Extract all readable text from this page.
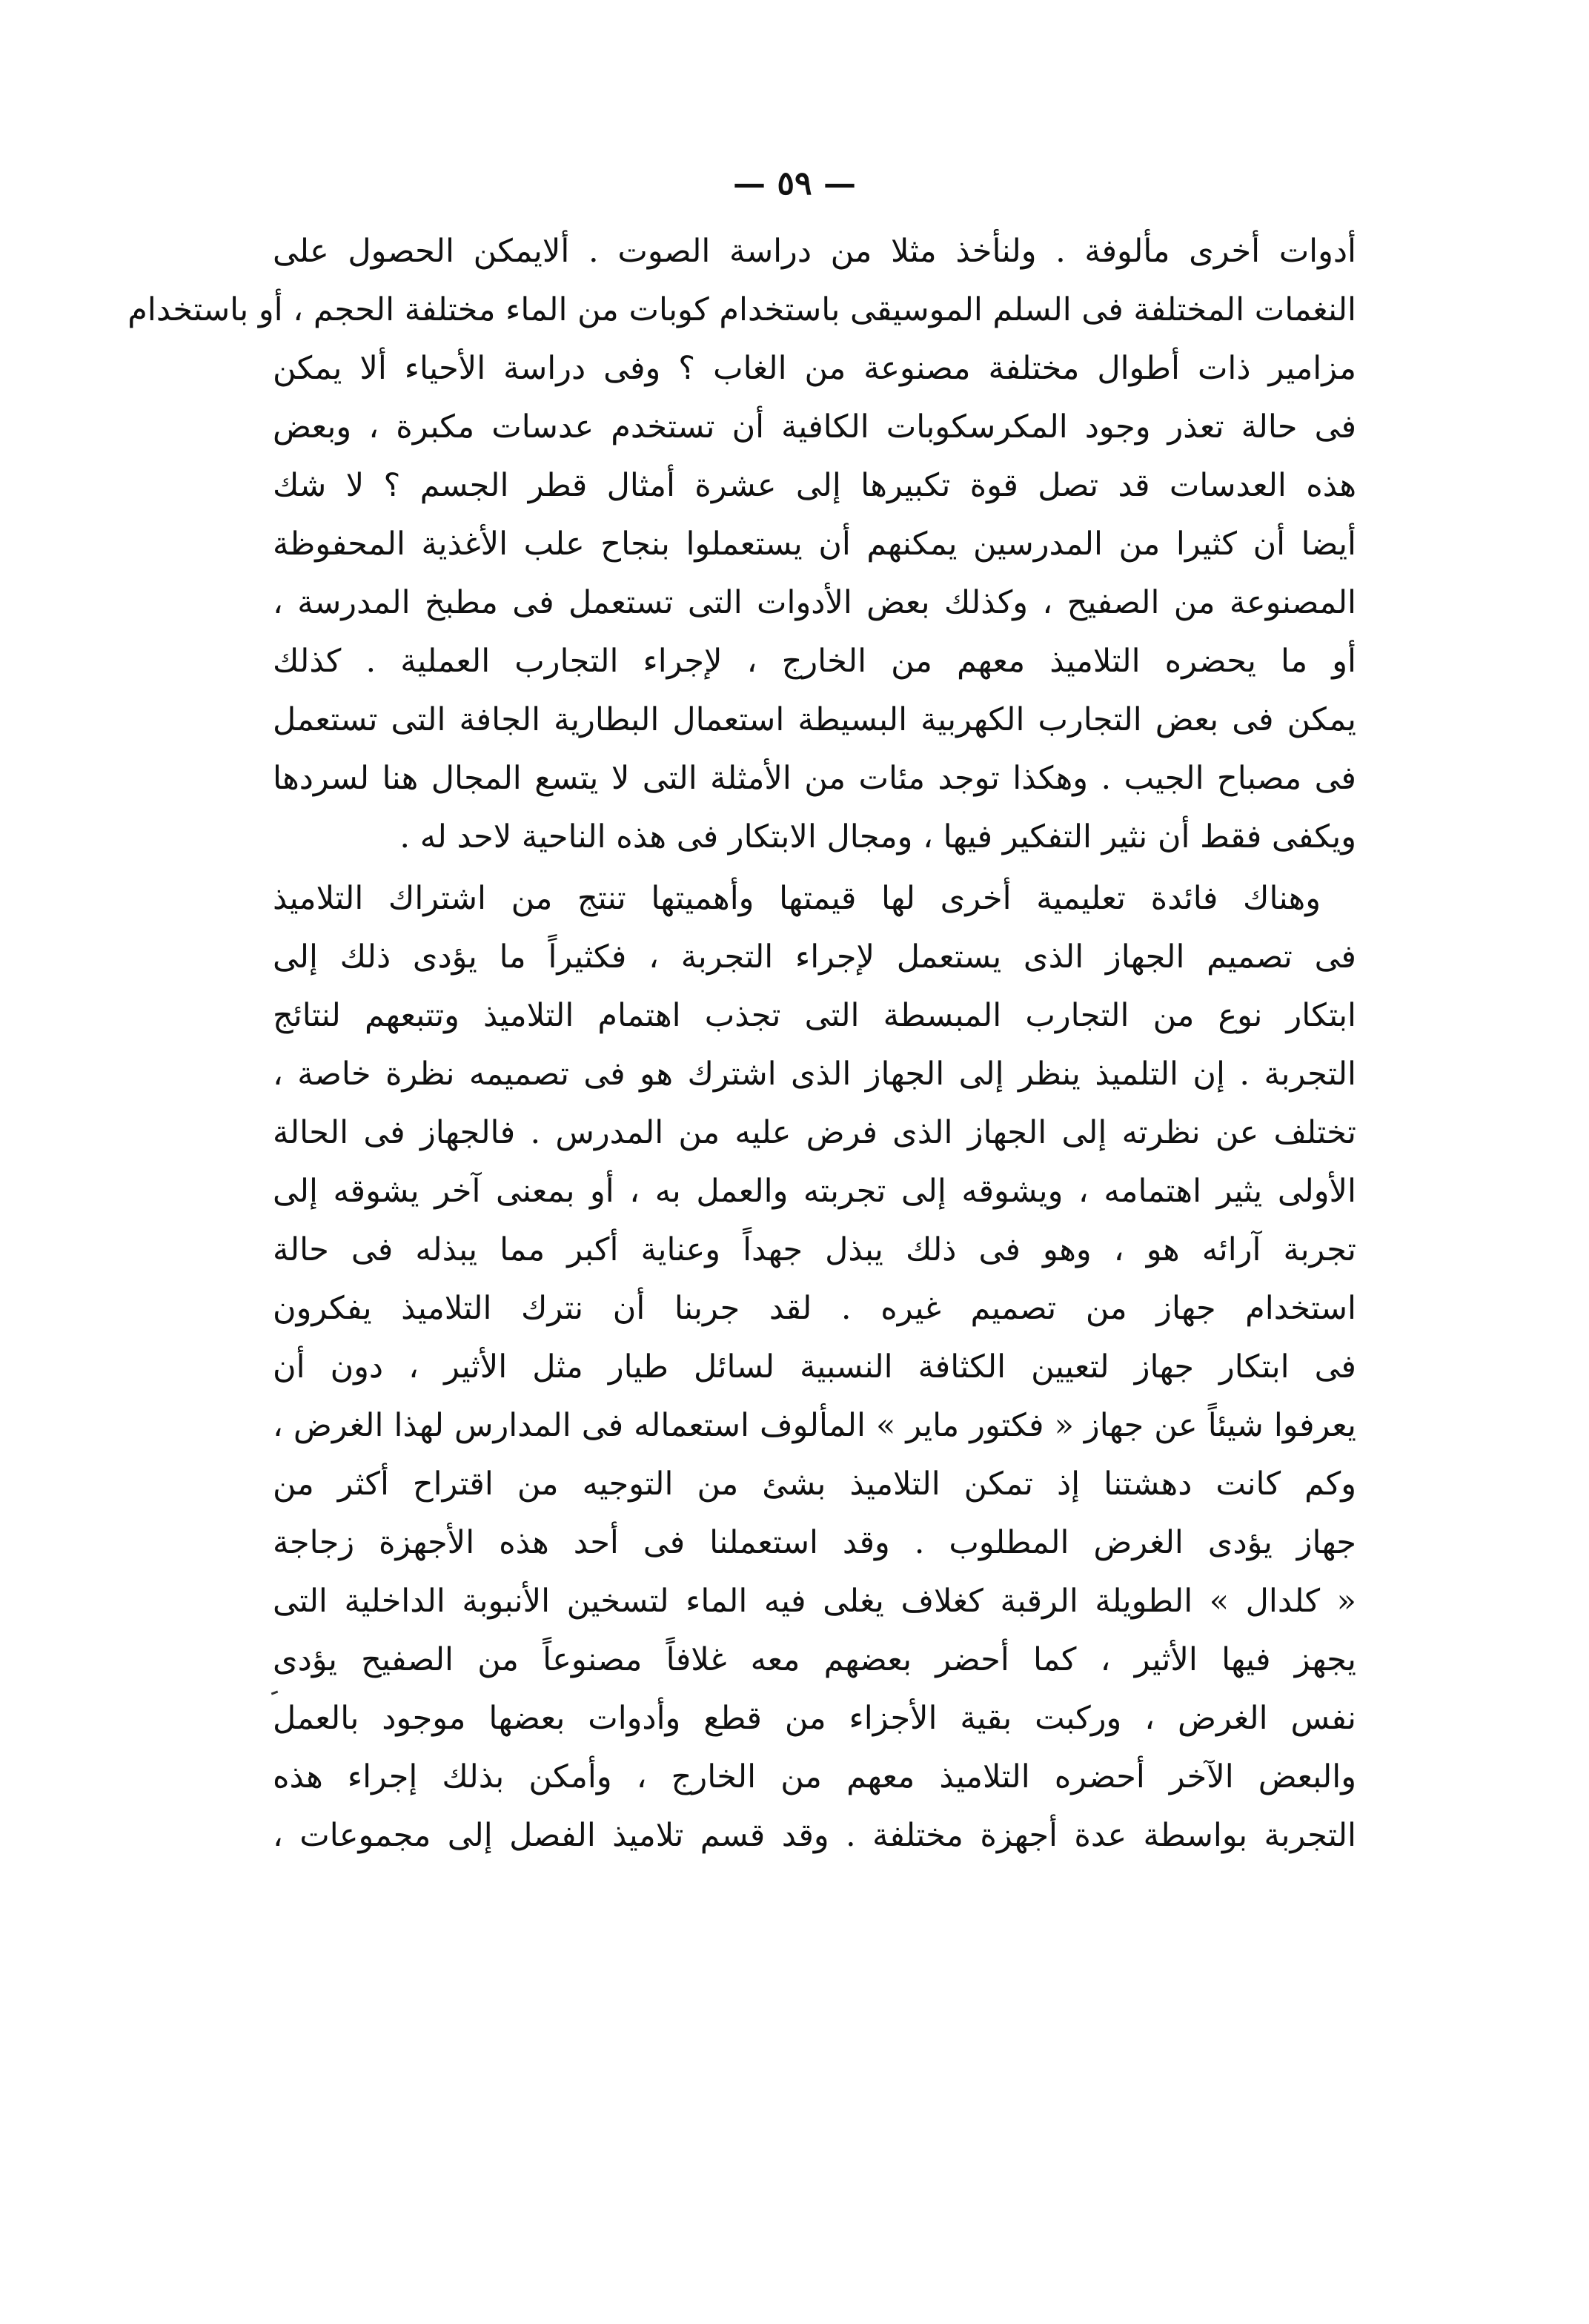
— ٥٩ —
أدوات أخرى مألوفة . ولنأخذ مثلا من دراسة الصوت . ألايمكن الحصول على
النغمات المختلفة فى السلم الموسيقى باستخدام كوبات من الماء مختلفة الحجم ، أو باستخدام
مزامير ذات أطوال مختلفة مصنوعة من الغاب ؟ وفى دراسة الأحياء ألا يمكن
فى حالة تعذر وجود المكرسكوبات الكافية أن تستخدم عدسات مكبرة ، وبعض
هذه العدسات قد تصل قوة تكبيرها إلى عشرة أمثال قطر الجسم ؟ لا شك
أيضا أن كثيرا من المدرسين يمكنهم أن يستعملوا بنجاح علب الأغذية المحفوظة
المصنوعة من الصفيح ، وكذلك بعض الأدوات التى تستعمل فى مطبخ المدرسة ،
أو ما يحضره التلاميذ معهم من الخارج ، لإجراء التجارب العملية . كذلك
يمكن فى بعض التجارب الكهربية البسيطة استعمال البطارية الجافة التى تستعمل
فى مصباح الجيب . وهكذا توجد مئات من الأمثلة التى لا يتسع المجال هنا لسردها
ويكفى فقط أن نثير التفكير فيها ، ومجال الابتكار فى هذه الناحية لاحد له .
وهناك فائدة تعليمية أخرى لها قيمتها وأهميتها تنتج من اشتراك التلاميذ
فى تصميم الجهاز الذى يستعمل لإجراء التجربة ، فكثيراً ما يؤدى ذلك إلى
ابتكار نوع من التجارب المبسطة التى تجذب اهتمام التلاميذ وتتبعهم لنتائج
التجربة . إن التلميذ ينظر إلى الجهاز الذى اشترك هو فى تصميمه نظرة خاصة ،
تختلف عن نظرته إلى الجهاز الذى فرض عليه من المدرس . فالجهاز فى الحالة
الأولى يثير اهتمامه ، ويشوقه إلى تجربته والعمل به ، أو بمعنى آخر يشوقه إلى
تجربة آرائه هو ، وهو فى ذلك يبذل جهداً وعناية أكبر مما يبذله فى حالة
استخدام جهاز من تصميم غيره . لقد جربنا أن نترك التلاميذ يفكرون
فى ابتكار جهاز لتعيين الكثافة النسبية لسائل طيار مثل الأثير ، دون أن
يعرفوا شيئاً عن جهاز « فكتور ماير » المألوف استعماله فى المدارس لهذا الغرض ،
وكم كانت دهشتنا إذ تمكن التلاميذ بشئ من التوجيه من اقتراح أكثر من
جهاز يؤدى الغرض المطلوب . وقد استعملنا فى أحد هذه الأجهزة زجاجة
« كلدال » الطويلة الرقبة كغلاف يغلى فيه الماء لتسخين الأنبوبة الداخلية التى
يجهز فيها الأثير ، كما أحضر بعضهم معه غلافاً مصنوعاً من الصفيح يؤدى
نفس الغرض ، وركبت بقية الأجزاء من قطع وأدوات بعضها موجود بالعمل
والبعض الآخر أحضره التلاميذ معهم من الخارج ، وأمكن بذلك إجراء هذه
التجربة بواسطة عدة أجهزة مختلفة . وقد قسم تلاميذ الفصل إلى مجموعات ،
